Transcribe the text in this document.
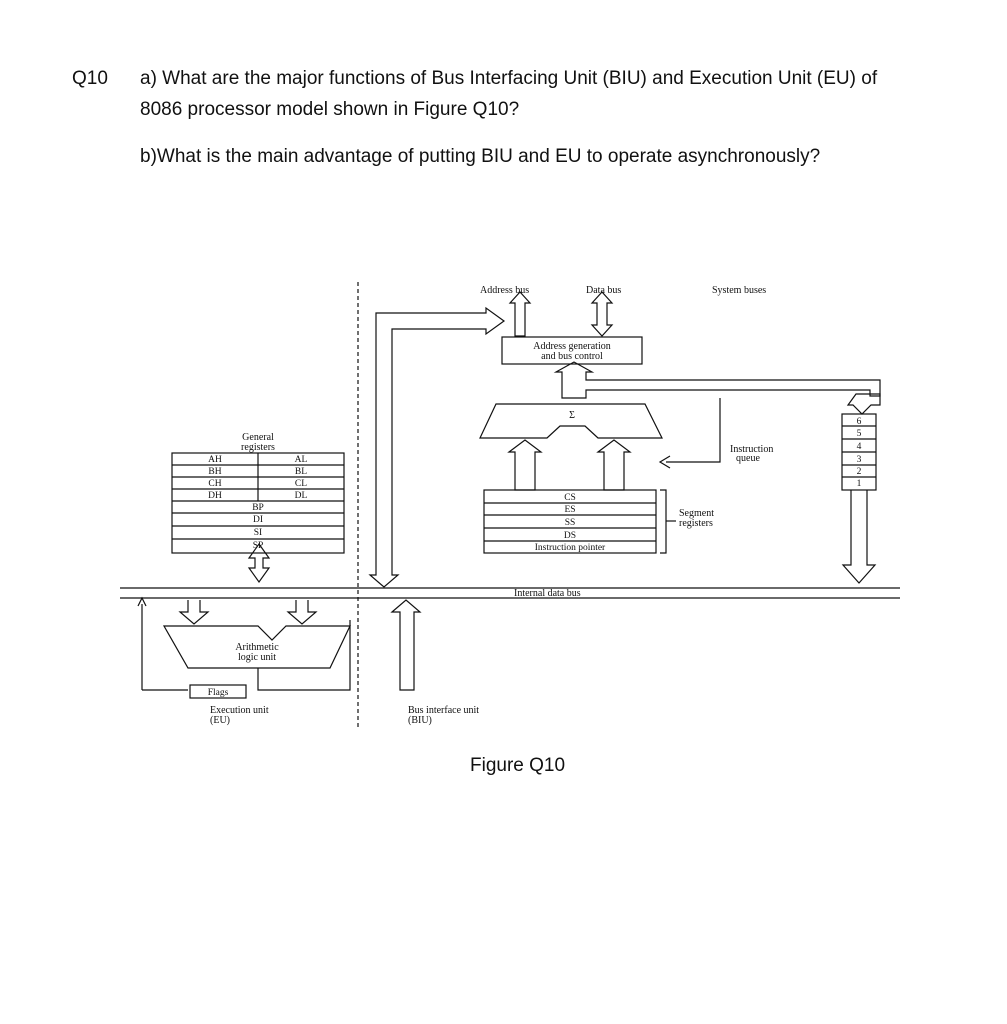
Q10 a) What are the major functions of Bus Interfacing Unit (BIU) and Execution Unit (EU) of
8086 processor model shown in Figure Q10?
b)What is the main advantage of putting BIU and EU to operate asynchronously?
Address bus	Data bus	System buses
Address generation
and bus control
Σ
General
registers
AH	AL
BH	BL
CH	CL
DH	DL
BP
DI
SI
SP
CS
ES
SS
DS
Instruction pointer
Segment
registers
Instruction
queue
6
5
4
3
2
1
Internal data bus
Arithmetic
logic unit
Flags
Execution unit
(EU)
Bus interface unit
(BIU)
Figure Q10
